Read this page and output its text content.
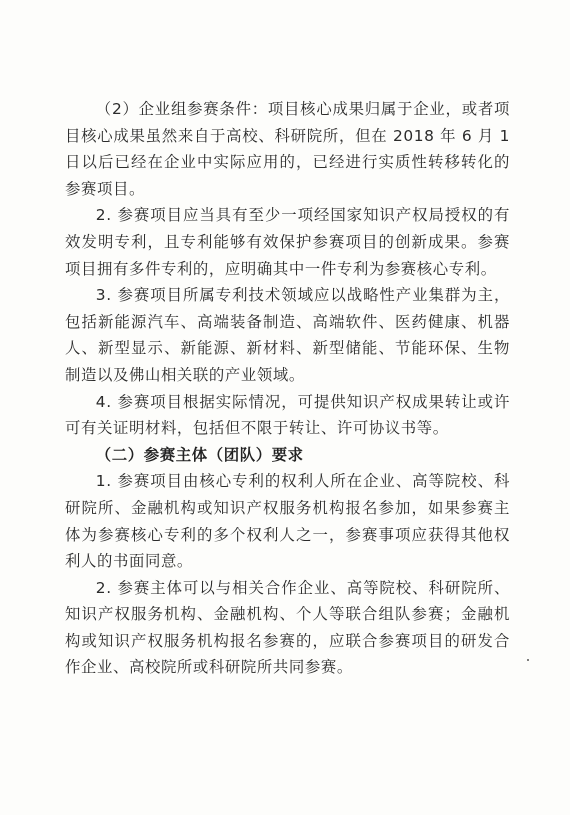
（2）企业组参赛条件：项目核心成果归属于企业，或者项目核心成果虽然来自于高校、科研院所，但在 2018 年 6 月 1 日以后已经在企业中实际应用的，已经进行实质性转移转化的参赛项目。

2. 参赛项目应当具有至少一项经国家知识产权局授权的有效发明专利，且专利能够有效保护参赛项目的创新成果。参赛项目拥有多件专利的，应明确其中一件专利为参赛核心专利。

3. 参赛项目所属专利技术领域应以战略性产业集群为主，包括新能源汽车、高端装备制造、高端软件、医药健康、机器人、新型显示、新能源、新材料、新型储能、节能环保、生物制造以及佛山相关联的产业领域。

4. 参赛项目根据实际情况，可提供知识产权成果转让或许可有关证明材料，包括但不限于转让、许可协议书等。

（二）参赛主体（团队）要求

1. 参赛项目由核心专利的权利人所在企业、高等院校、科研院所、金融机构或知识产权服务机构报名参加，如果参赛主体为参赛核心专利的多个权利人之一，参赛事项应获得其他权利人的书面同意。

2. 参赛主体可以与相关合作企业、高等院校、科研院所、知识产权服务机构、金融机构、个人等联合组队参赛；金融机构或知识产权服务机构报名参赛的，应联合参赛项目的研发合作企业、高校院所或科研院所共同参赛。
